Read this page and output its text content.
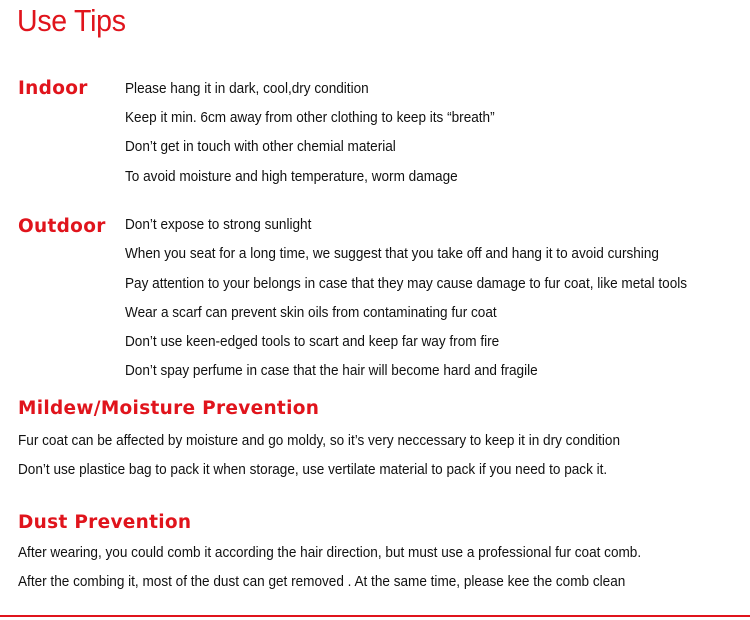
Use Tips
Indoor	Please hang it in dark, cool,dry condition
Keep it min. 6cm away from other clothing to keep its “breath”
Don’t get in touch with other chemial material
To avoid moisture and high temperature, worm damage
Outdoor Don’t expose to strong sunlight
When you seat for a long time, we suggest that you take off and hang it to avoid curshing
Pay attention to your belongs in case that they may cause damage to fur coat, like metal tools
Wear a scarf can prevent skin oils from contaminating fur coat
Don’t use keen-edged tools to scart and keep far way from fire
Don’t spay perfume in case that the hair will become hard and fragile
Mildew/Moisture Prevention
Fur coat can be affected by moisture and go moldy, so it’s very neccessary to keep it in dry condition
Don’t use plastice bag to pack it when storage, use vertilate material to pack if you need to pack it.
Dust Prevention
After wearing, you could comb it according the hair direction, but must use a professional fur coat comb.
After the combing it, most of the dust can get removed . At the same time, please kee the comb clean
